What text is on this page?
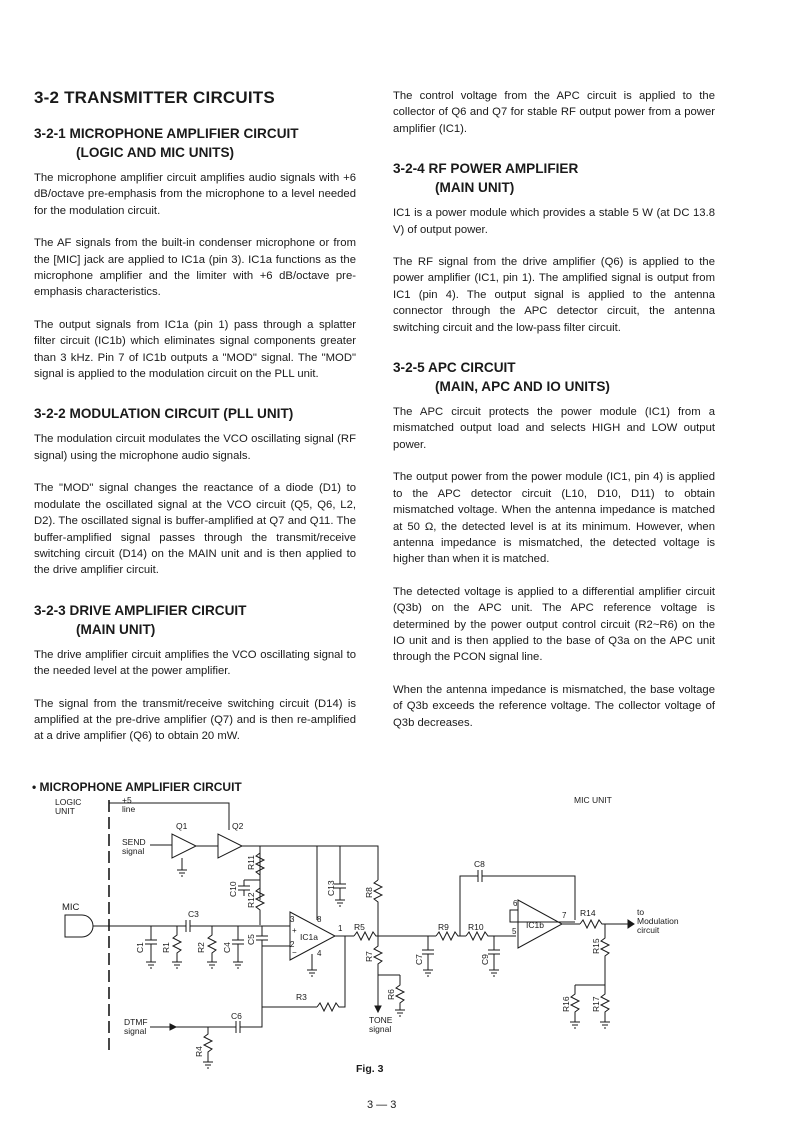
3-2 TRANSMITTER CIRCUITS
3-2-1 MICROPHONE AMPLIFIER CIRCUIT
(LOGIC AND MIC UNITS)

The microphone amplifier circuit amplifies audio signals with +6 dB/octave pre-emphasis from the microphone to a level needed for the modulation circuit.

The AF signals from the built-in condenser microphone or from the [MIC] jack are applied to IC1a (pin 3). IC1a functions as the microphone amplifier and the limiter with +6 dB/octave pre-emphasis characteristics.

The output signals from IC1a (pin 1) pass through a splatter filter circuit (IC1b) which eliminates signal components greater than 3 kHz. Pin 7 of IC1b outputs a "MOD" signal. The "MOD" signal is applied to the modulation circuit on the PLL unit.

3-2-2 MODULATION CIRCUIT (PLL UNIT)

The modulation circuit modulates the VCO oscillating signal (RF signal) using the microphone audio signals.

The "MOD" signal changes the reactance of a diode (D1) to modulate the oscillated signal at the VCO circuit (Q5, Q6, L2, D2). The oscillated signal is buffer-amplified at Q7 and Q11. The buffer-amplified signal passes through the transmit/receive switching circuit (D14) on the MAIN unit and is then applied to the drive amplifier circuit.

3-2-3 DRIVE AMPLIFIER CIRCUIT
(MAIN UNIT)

The drive amplifier circuit amplifies the VCO oscillating signal to the needed level at the power amplifier.

The signal from the transmit/receive switching circuit (D14) is amplified at the pre-drive amplifier (Q7) and is then re-amplified at a drive amplifier (Q6) to obtain 20 mW.

The control voltage from the APC circuit is applied to the collector of Q6 and Q7 for stable RF output power from a power amplifier (IC1).

3-2-4 RF POWER AMPLIFIER
(MAIN UNIT)

IC1 is a power module which provides a stable 5 W (at DC 13.8 V) of output power.

The RF signal from the drive amplifier (Q6) is applied to the power amplifier (IC1, pin 1). The amplified signal is output from IC1 (pin 4). The output signal is applied to the antenna connector through the APC detector circuit, the antenna switching circuit and the low-pass filter circuit.

3-2-5 APC CIRCUIT
(MAIN, APC AND IO UNITS)

The APC circuit protects the power module (IC1) from a mismatched output load and selects HIGH and LOW output power.

The output power from the power module (IC1, pin 4) is applied to the APC detector circuit (L10, D10, D11) to obtain mismatched voltage. When the antenna impedance is matched at 50 Ω, the detected level is at its minimum. However, when antenna impedance is mismatched, the detected voltage is higher than when it is matched.

The detected voltage is applied to a differential amplifier circuit (Q3b) on the APC unit. The APC reference voltage is determined by the power output control circuit (R2~R6) on the IO unit and is then applied to the base of Q3a on the APC unit through the PCON signal line.

When the antenna impedance is mismatched, the base voltage of Q3b exceeds the reference voltage. The collector voltage of Q3b decreases.

• MICROPHONE AMPLIFIER CIRCUIT
LOGIC
UNIT
+5
line
MIC UNIT
Q1	Q2
SEND
signal
MIC
DTMF
signal
TONE
signal
to
Modulation
circuit
IC1a
IC1b
C3
R3
C6
R5	R9 R10
C8
R14
C1 R1	R2 C4
C5
C10
R11
R12
C13	R8
R7
R6
C7	C9
R15
R16 R17
R4
3
2
8
4
1
6
5
7
+
−
Fig. 3
3 — 3
